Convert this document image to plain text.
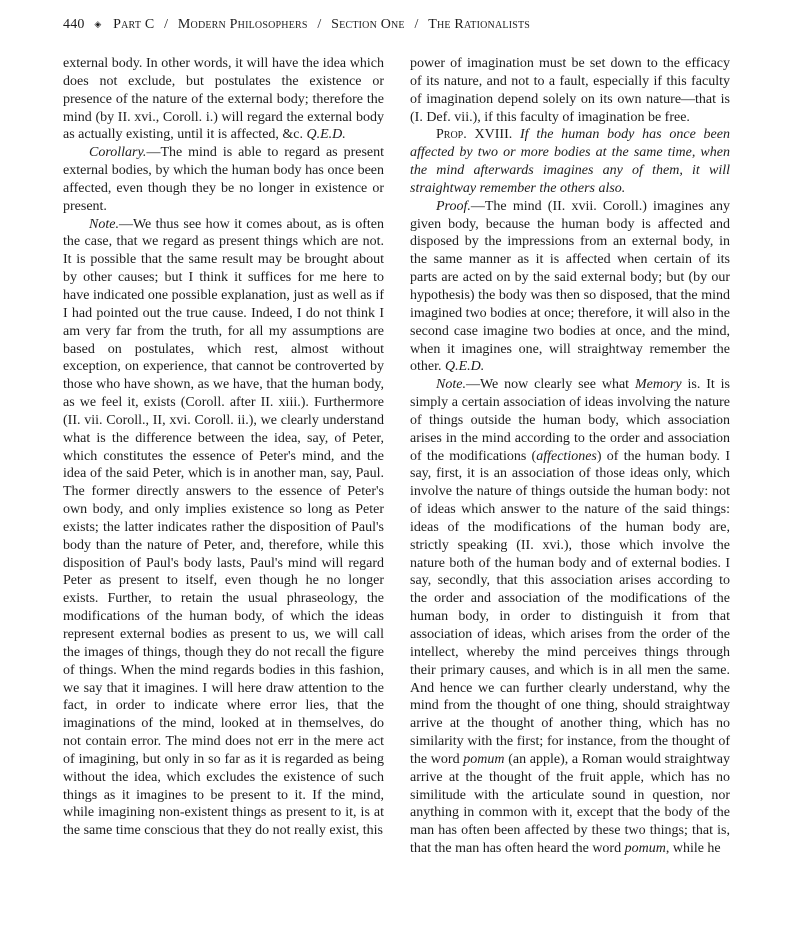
440 ◈ Part C / Modern Philosophers / Section One / The Rationalists

external body. In other words, it will have the idea which does not exclude, but postulates the existence or presence of the nature of the external body; therefore the mind (by II. xvi., Coroll. i.) will regard the external body as actually existing, until it is affected, &c. Q.E.D.

Corollary.—The mind is able to regard as present external bodies, by which the human body has once been affected, even though they be no longer in existence or present.

Note.—We thus see how it comes about, as is often the case, that we regard as present things which are not. It is possible that the same result may be brought about by other causes; but I think it suffices for me here to have indicated one possible explanation, just as well as if I had pointed out the true cause. Indeed, I do not think I am very far from the truth, for all my assumptions are based on postulates, which rest, almost without exception, on experience, that cannot be controverted by those who have shown, as we have, that the human body, as we feel it, exists (Coroll. after II. xiii.). Furthermore (II. vii. Coroll., II, xvi. Coroll. ii.), we clearly understand what is the difference between the idea, say, of Peter, which constitutes the essence of Peter's mind, and the idea of the said Peter, which is in another man, say, Paul. The former directly answers to the essence of Peter's own body, and only implies existence so long as Peter exists; the latter indicates rather the disposition of Paul's body than the nature of Peter, and, therefore, while this disposition of Paul's body lasts, Paul's mind will regard Peter as present to itself, even though he no longer exists. Further, to retain the usual phraseology, the modifications of the human body, of which the ideas represent external bodies as present to us, we will call the images of things, though they do not recall the figure of things. When the mind regards bodies in this fashion, we say that it imagines. I will here draw attention to the fact, in order to indicate where error lies, that the imaginations of the mind, looked at in themselves, do not contain error. The mind does not err in the mere act of imagining, but only in so far as it is regarded as being without the idea, which excludes the existence of such things as it imagines to be present to it. If the mind, while imagining non-existent things as present to it, is at the same time conscious that they do not really exist, this

power of imagination must be set down to the efficacy of its nature, and not to a fault, especially if this faculty of imagination depend solely on its own nature—that is (I. Def. vii.), if this faculty of imagination be free.

Prop. XVIII. If the human body has once been affected by two or more bodies at the same time, when the mind afterwards imagines any of them, it will straightway remember the others also.

Proof.—The mind (II. xvii. Coroll.) imagines any given body, because the human body is affected and disposed by the impressions from an external body, in the same manner as it is affected when certain of its parts are acted on by the said external body; but (by our hypothesis) the body was then so disposed, that the mind imagined two bodies at once; therefore, it will also in the second case imagine two bodies at once, and the mind, when it imagines one, will straightway remember the other. Q.E.D.

Note.—We now clearly see what Memory is. It is simply a certain association of ideas involving the nature of things outside the human body, which association arises in the mind according to the order and association of the modifications (affectiones) of the human body. I say, first, it is an association of those ideas only, which involve the nature of things outside the human body: not of ideas which answer to the nature of the said things: ideas of the modifications of the human body are, strictly speaking (II. xvi.), those which involve the nature both of the human body and of external bodies. I say, secondly, that this association arises according to the order and association of the modifications of the human body, in order to distinguish it from that association of ideas, which arises from the order of the intellect, whereby the mind perceives things through their primary causes, and which is in all men the same. And hence we can further clearly understand, why the mind from the thought of one thing, should straightway arrive at the thought of another thing, which has no similarity with the first; for instance, from the thought of the word pomum (an apple), a Roman would straightway arrive at the thought of the fruit apple, which has no similitude with the articulate sound in question, nor anything in common with it, except that the body of the man has often been affected by these two things; that is, that the man has often heard the word pomum, while he
